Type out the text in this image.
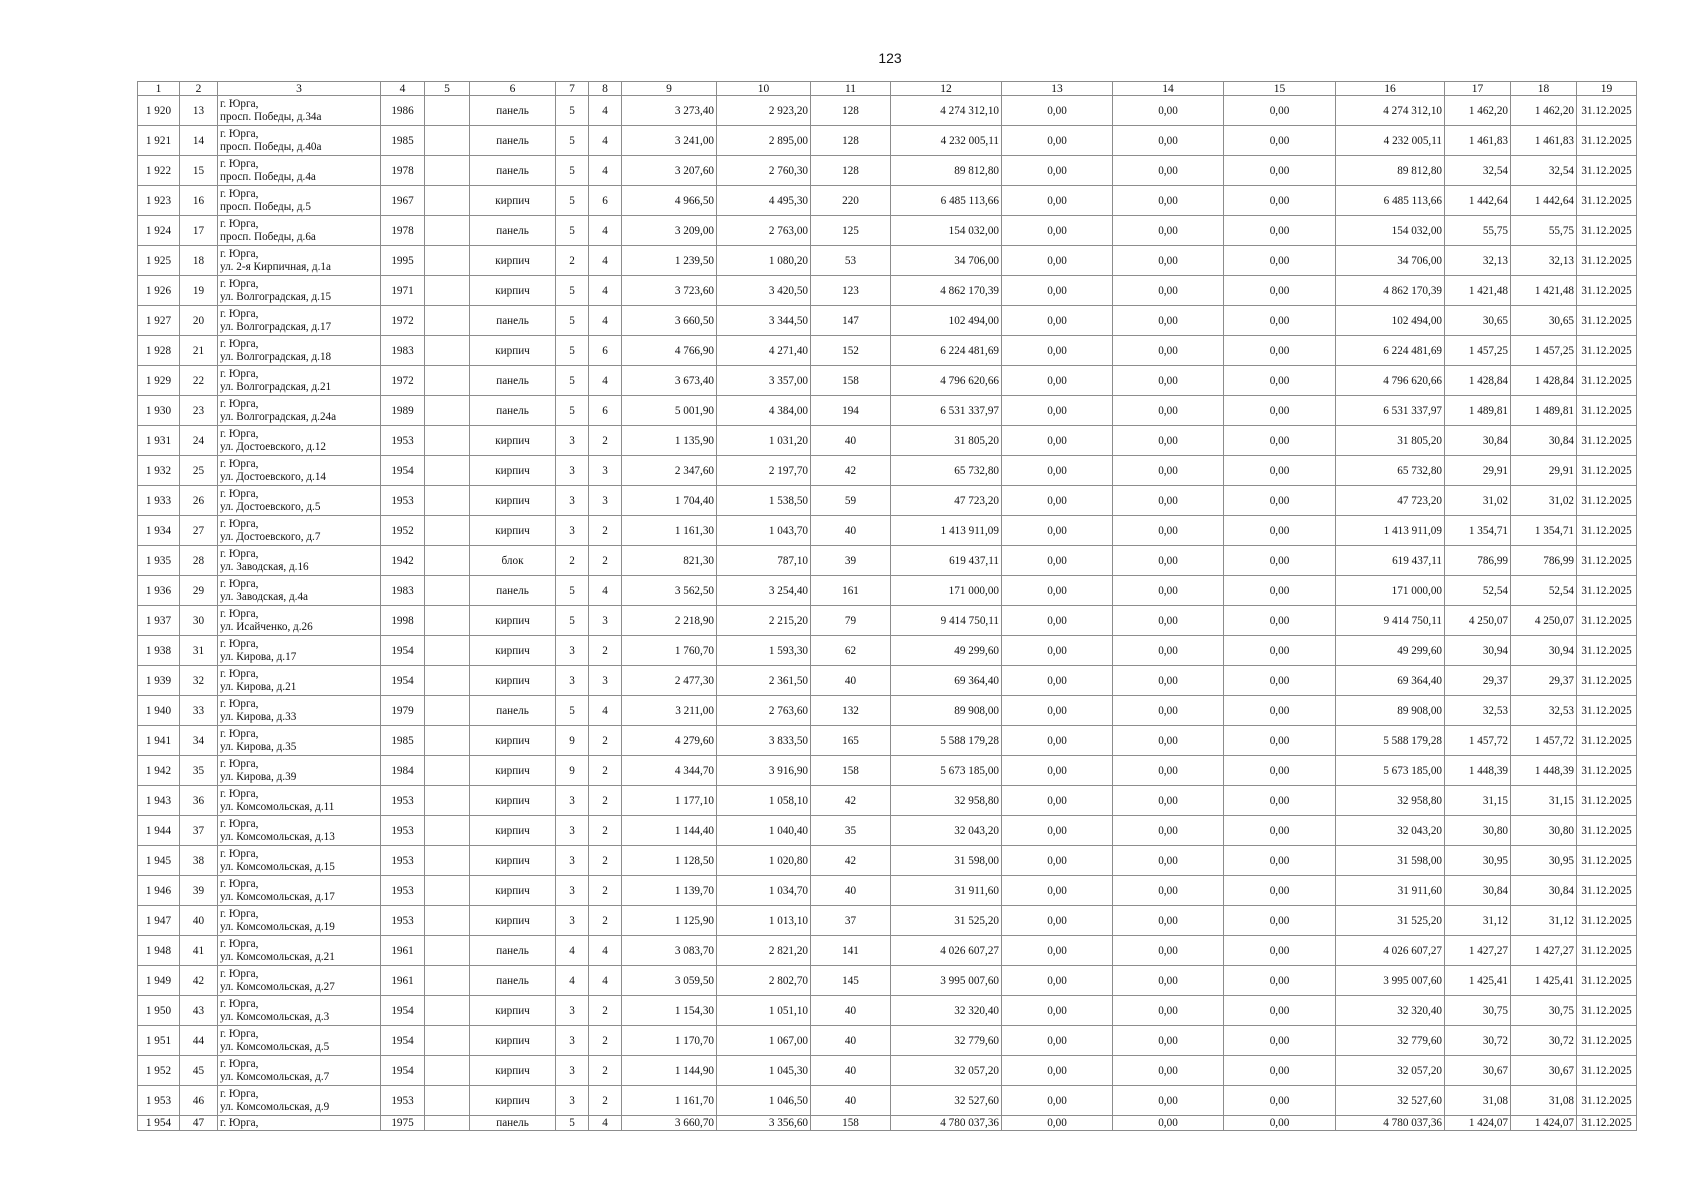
123
1	2	3	4	5	6	7	8	9	10	11	12	13	14	15	16	17	18	19
1 920	13	г. Юрга,
просп. Победы, д.34а	1986		панель	5	4	3 273,40	2 923,20	128	4 274 312,10	0,00	0,00	0,00	4 274 312,10	1 462,20	1 462,20	31.12.2025
1 921	14	г. Юрга,
просп. Победы, д.40а	1985		панель	5	4	3 241,00	2 895,00	128	4 232 005,11	0,00	0,00	0,00	4 232 005,11	1 461,83	1 461,83	31.12.2025
1 922	15	г. Юрга,
просп. Победы, д.4а	1978		панель	5	4	3 207,60	2 760,30	128	89 812,80	0,00	0,00	0,00	89 812,80	32,54	32,54	31.12.2025
1 923	16	г. Юрга,
просп. Победы, д.5	1967		кирпич	5	6	4 966,50	4 495,30	220	6 485 113,66	0,00	0,00	0,00	6 485 113,66	1 442,64	1 442,64	31.12.2025
1 924	17	г. Юрга,
просп. Победы, д.6а	1978		панель	5	4	3 209,00	2 763,00	125	154 032,00	0,00	0,00	0,00	154 032,00	55,75	55,75	31.12.2025
1 925	18	г. Юрга,
ул. 2-я Кирпичная, д.1а	1995		кирпич	2	4	1 239,50	1 080,20	53	34 706,00	0,00	0,00	0,00	34 706,00	32,13	32,13	31.12.2025
1 926	19	г. Юрга,
ул. Волгоградская, д.15	1971		кирпич	5	4	3 723,60	3 420,50	123	4 862 170,39	0,00	0,00	0,00	4 862 170,39	1 421,48	1 421,48	31.12.2025
1 927	20	г. Юрга,
ул. Волгоградская, д.17	1972		панель	5	4	3 660,50	3 344,50	147	102 494,00	0,00	0,00	0,00	102 494,00	30,65	30,65	31.12.2025
1 928	21	г. Юрга,
ул. Волгоградская, д.18	1983		кирпич	5	6	4 766,90	4 271,40	152	6 224 481,69	0,00	0,00	0,00	6 224 481,69	1 457,25	1 457,25	31.12.2025
1 929	22	г. Юрга,
ул. Волгоградская, д.21	1972		панель	5	4	3 673,40	3 357,00	158	4 796 620,66	0,00	0,00	0,00	4 796 620,66	1 428,84	1 428,84	31.12.2025
1 930	23	г. Юрга,
ул. Волгоградская, д.24а	1989		панель	5	6	5 001,90	4 384,00	194	6 531 337,97	0,00	0,00	0,00	6 531 337,97	1 489,81	1 489,81	31.12.2025
1 931	24	г. Юрга,
ул. Достоевского, д.12	1953		кирпич	3	2	1 135,90	1 031,20	40	31 805,20	0,00	0,00	0,00	31 805,20	30,84	30,84	31.12.2025
1 932	25	г. Юрга,
ул. Достоевского, д.14	1954		кирпич	3	3	2 347,60	2 197,70	42	65 732,80	0,00	0,00	0,00	65 732,80	29,91	29,91	31.12.2025
1 933	26	г. Юрга,
ул. Достоевского, д.5	1953		кирпич	3	3	1 704,40	1 538,50	59	47 723,20	0,00	0,00	0,00	47 723,20	31,02	31,02	31.12.2025
1 934	27	г. Юрга,
ул. Достоевского, д.7	1952		кирпич	3	2	1 161,30	1 043,70	40	1 413 911,09	0,00	0,00	0,00	1 413 911,09	1 354,71	1 354,71	31.12.2025
1 935	28	г. Юрга,
ул. Заводская, д.16	1942		блок	2	2	821,30	787,10	39	619 437,11	0,00	0,00	0,00	619 437,11	786,99	786,99	31.12.2025
1 936	29	г. Юрга,
ул. Заводская, д.4а	1983		панель	5	4	3 562,50	3 254,40	161	171 000,00	0,00	0,00	0,00	171 000,00	52,54	52,54	31.12.2025
1 937	30	г. Юрга,
ул. Исайченко, д.26	1998		кирпич	5	3	2 218,90	2 215,20	79	9 414 750,11	0,00	0,00	0,00	9 414 750,11	4 250,07	4 250,07	31.12.2025
1 938	31	г. Юрга,
ул. Кирова, д.17	1954		кирпич	3	2	1 760,70	1 593,30	62	49 299,60	0,00	0,00	0,00	49 299,60	30,94	30,94	31.12.2025
1 939	32	г. Юрга,
ул. Кирова, д.21	1954		кирпич	3	3	2 477,30	2 361,50	40	69 364,40	0,00	0,00	0,00	69 364,40	29,37	29,37	31.12.2025
1 940	33	г. Юрга,
ул. Кирова, д.33	1979		панель	5	4	3 211,00	2 763,60	132	89 908,00	0,00	0,00	0,00	89 908,00	32,53	32,53	31.12.2025
1 941	34	г. Юрга,
ул. Кирова, д.35	1985		кирпич	9	2	4 279,60	3 833,50	165	5 588 179,28	0,00	0,00	0,00	5 588 179,28	1 457,72	1 457,72	31.12.2025
1 942	35	г. Юрга,
ул. Кирова, д.39	1984		кирпич	9	2	4 344,70	3 916,90	158	5 673 185,00	0,00	0,00	0,00	5 673 185,00	1 448,39	1 448,39	31.12.2025
1 943	36	г. Юрга,
ул. Комсомольская, д.11	1953		кирпич	3	2	1 177,10	1 058,10	42	32 958,80	0,00	0,00	0,00	32 958,80	31,15	31,15	31.12.2025
1 944	37	г. Юрга,
ул. Комсомольская, д.13	1953		кирпич	3	2	1 144,40	1 040,40	35	32 043,20	0,00	0,00	0,00	32 043,20	30,80	30,80	31.12.2025
1 945	38	г. Юрга,
ул. Комсомольская, д.15	1953		кирпич	3	2	1 128,50	1 020,80	42	31 598,00	0,00	0,00	0,00	31 598,00	30,95	30,95	31.12.2025
1 946	39	г. Юрга,
ул. Комсомольская, д.17	1953		кирпич	3	2	1 139,70	1 034,70	40	31 911,60	0,00	0,00	0,00	31 911,60	30,84	30,84	31.12.2025
1 947	40	г. Юрга,
ул. Комсомольская, д.19	1953		кирпич	3	2	1 125,90	1 013,10	37	31 525,20	0,00	0,00	0,00	31 525,20	31,12	31,12	31.12.2025
1 948	41	г. Юрга,
ул. Комсомольская, д.21	1961		панель	4	4	3 083,70	2 821,20	141	4 026 607,27	0,00	0,00	0,00	4 026 607,27	1 427,27	1 427,27	31.12.2025
1 949	42	г. Юрга,
ул. Комсомольская, д.27	1961		панель	4	4	3 059,50	2 802,70	145	3 995 007,60	0,00	0,00	0,00	3 995 007,60	1 425,41	1 425,41	31.12.2025
1 950	43	г. Юрга,
ул. Комсомольская, д.3	1954		кирпич	3	2	1 154,30	1 051,10	40	32 320,40	0,00	0,00	0,00	32 320,40	30,75	30,75	31.12.2025
1 951	44	г. Юрга,
ул. Комсомольская, д.5	1954		кирпич	3	2	1 170,70	1 067,00	40	32 779,60	0,00	0,00	0,00	32 779,60	30,72	30,72	31.12.2025
1 952	45	г. Юрга,
ул. Комсомольская, д.7	1954		кирпич	3	2	1 144,90	1 045,30	40	32 057,20	0,00	0,00	0,00	32 057,20	30,67	30,67	31.12.2025
1 953	46	г. Юрга,
ул. Комсомольская, д.9	1953		кирпич	3	2	1 161,70	1 046,50	40	32 527,60	0,00	0,00	0,00	32 527,60	31,08	31,08	31.12.2025
1 954	47	г. Юрга,	1975		панель	5	4	3 660,70	3 356,60	158	4 780 037,36	0,00	0,00	0,00	4 780 037,36	1 424,07	1 424,07	31.12.2025
